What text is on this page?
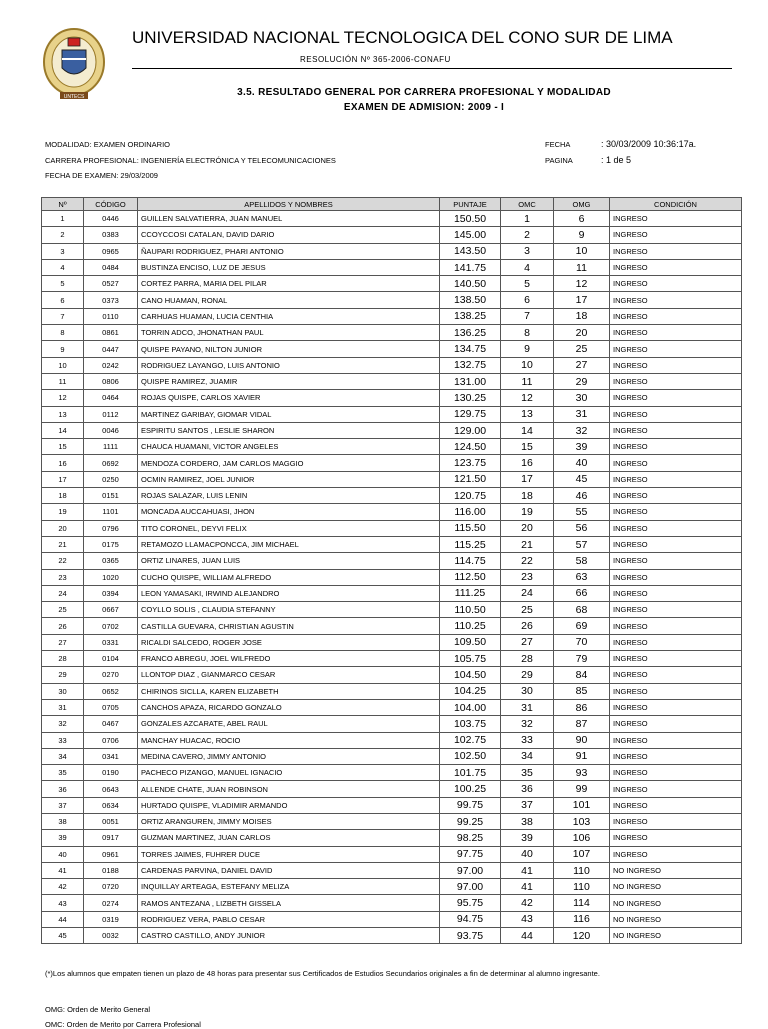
UNTECS
UNIVERSIDAD NACIONAL TECNOLOGICA DEL CONO SUR DE LIMA
RESOLUCIÓN Nº 365-2006-CONAFU
3.5. RESULTADO GENERAL POR CARRERA PROFESIONAL Y MODALIDAD
EXAMEN DE ADMISION: 2009 - I
MODALIDAD: EXAMEN ORDINARIO
CARRERA PROFESIONAL: INGENIERÍA ELECTRÓNICA Y TELECOMUNICACIONES
FECHA DE EXAMEN: 29/03/2009
FECHA	: 30/03/2009 10:36:17a.
PAGINA	: 1 de 5
Nº	CÓDIGO	APELLIDOS Y NOMBRES	PUNTAJE	OMC	OMG	CONDICIÓN
1	0446	GUILLEN SALVATIERRA, JUAN MANUEL	150.50	1	6	INGRESO
2	0383	CCOYCCOSI CATALAN, DAVID DARIO	145.00	2	9	INGRESO
3	0965	ÑAUPARI RODRIGUEZ, PHARI ANTONIO	143.50	3	10	INGRESO
4	0484	BUSTINZA ENCISO, LUZ DE JESUS	141.75	4	11	INGRESO
5	0527	CORTEZ PARRA, MARIA DEL PILAR	140.50	5	12	INGRESO
6	0373	CANO HUAMAN, RONAL	138.50	6	17	INGRESO
7	0110	CARHUAS HUAMAN, LUCIA CENTHIA	138.25	7	18	INGRESO
8	0861	TORRIN ADCO, JHONATHAN PAUL	136.25	8	20	INGRESO
9	0447	QUISPE PAYANO, NILTON JUNIOR	134.75	9	25	INGRESO
10	0242	RODRIGUEZ LAYANGO, LUIS ANTONIO	132.75	10	27	INGRESO
11	0806	QUISPE RAMIREZ, JUAMIR	131.00	11	29	INGRESO
12	0464	ROJAS QUISPE, CARLOS XAVIER	130.25	12	30	INGRESO
13	0112	MARTINEZ GARIBAY, GIOMAR VIDAL	129.75	13	31	INGRESO
14	0046	ESPIRITU SANTOS , LESLIE SHARON	129.00	14	32	INGRESO
15	1111	CHAUCA HUAMANI, VICTOR ANGELES	124.50	15	39	INGRESO
16	0692	MENDOZA CORDERO, JAM CARLOS MAGGIO	123.75	16	40	INGRESO
17	0250	OCMIN RAMIREZ, JOEL JUNIOR	121.50	17	45	INGRESO
18	0151	ROJAS SALAZAR, LUIS LENIN	120.75	18	46	INGRESO
19	1101	MONCADA AUCCAHUASI, JHON	116.00	19	55	INGRESO
20	0796	TITO CORONEL, DEYVI FELIX	115.50	20	56	INGRESO
21	0175	RETAMOZO LLAMACPONCCA, JIM MICHAEL	115.25	21	57	INGRESO
22	0365	ORTIZ LINARES, JUAN LUIS	114.75	22	58	INGRESO
23	1020	CUCHO QUISPE, WILLIAM ALFREDO	112.50	23	63	INGRESO
24	0394	LEON YAMASAKI, IRWIND ALEJANDRO	111.25	24	66	INGRESO
25	0667	COYLLO SOLIS , CLAUDIA STEFANNY	110.50	25	68	INGRESO
26	0702	CASTILLA GUEVARA, CHRISTIAN AGUSTIN	110.25	26	69	INGRESO
27	0331	RICALDI SALCEDO, ROGER JOSE	109.50	27	70	INGRESO
28	0104	FRANCO ABREGU, JOEL WILFREDO	105.75	28	79	INGRESO
29	0270	LLONTOP DIAZ , GIANMARCO CESAR	104.50	29	84	INGRESO
30	0652	CHIRINOS SICLLA, KAREN ELIZABETH	104.25	30	85	INGRESO
31	0705	CANCHOS APAZA, RICARDO GONZALO	104.00	31	86	INGRESO
32	0467	GONZALES AZCARATE, ABEL RAUL	103.75	32	87	INGRESO
33	0706	MANCHAY HUACAC, ROCIO	102.75	33	90	INGRESO
34	0341	MEDINA CAVERO, JIMMY ANTONIO	102.50	34	91	INGRESO
35	0190	PACHECO PIZANGO, MANUEL IGNACIO	101.75	35	93	INGRESO
36	0643	ALLENDE CHATE, JUAN ROBINSON	100.25	36	99	INGRESO
37	0634	HURTADO QUISPE, VLADIMIR ARMANDO	99.75	37	101	INGRESO
38	0051	ORTIZ ARANGUREN, JIMMY MOISES	99.25	38	103	INGRESO
39	0917	GUZMAN MARTINEZ, JUAN CARLOS	98.25	39	106	INGRESO
40	0961	TORRES JAIMES, FUHRER DUCE	97.75	40	107	INGRESO
41	0188	CARDENAS PARVINA, DANIEL DAVID	97.00	41	110	NO INGRESO
42	0720	INQUILLAY ARTEAGA, ESTEFANY MELIZA	97.00	41	110	NO INGRESO
43	0274	RAMOS ANTEZANA , LIZBETH GISSELA	95.75	42	114	NO INGRESO
44	0319	RODRIGUEZ VERA, PABLO CESAR	94.75	43	116	NO INGRESO
45	0032	CASTRO CASTILLO, ANDY JUNIOR	93.75	44	120	NO INGRESO
(*)Los alumnos que empaten tienen un plazo de 48 horas para presentar sus Certificados de Estudios Secundarios originales a fin de determinar al alumno ingresante.
OMG: Orden de Merito General
OMC: Orden de Merito por Carrera Profesional
